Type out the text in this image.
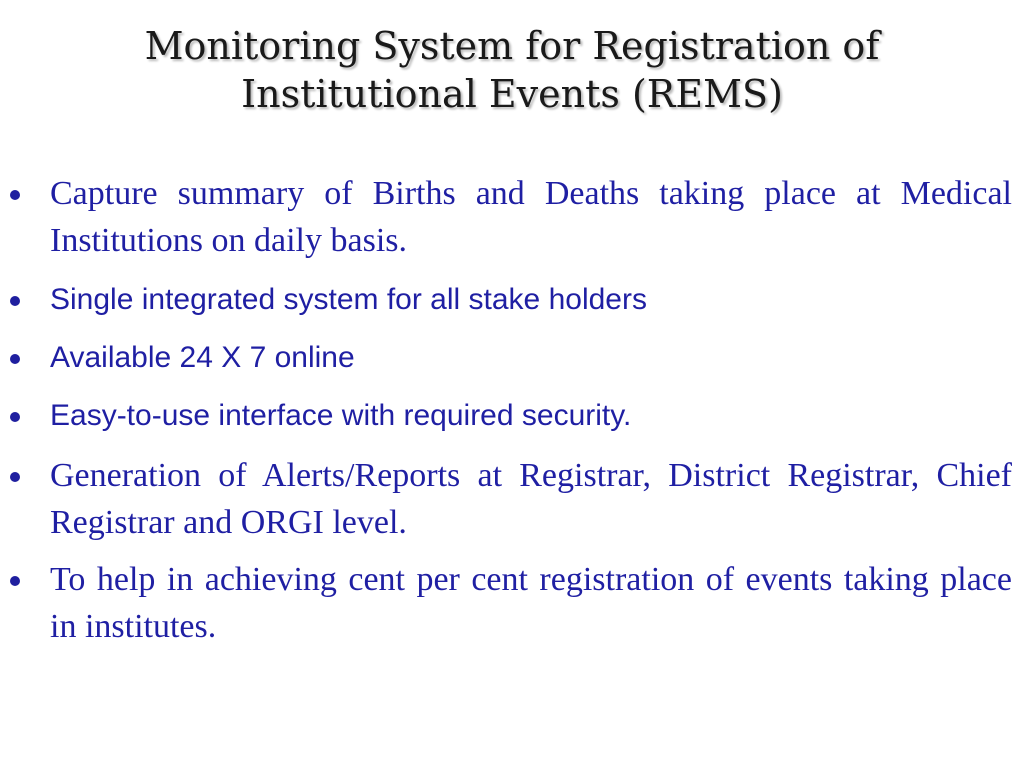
Monitoring System for Registration of
Institutional Events (REMS)

Capture summary of Births and Deaths taking place at Medical Institutions on daily basis.

Single integrated system for all stake holders

Available 24 X 7 online

Easy-to-use interface with required security.

Generation of Alerts/Reports at Registrar, District Registrar, Chief Registrar and ORGI level.

To help in achieving cent per cent registration of events taking place in institutes.
